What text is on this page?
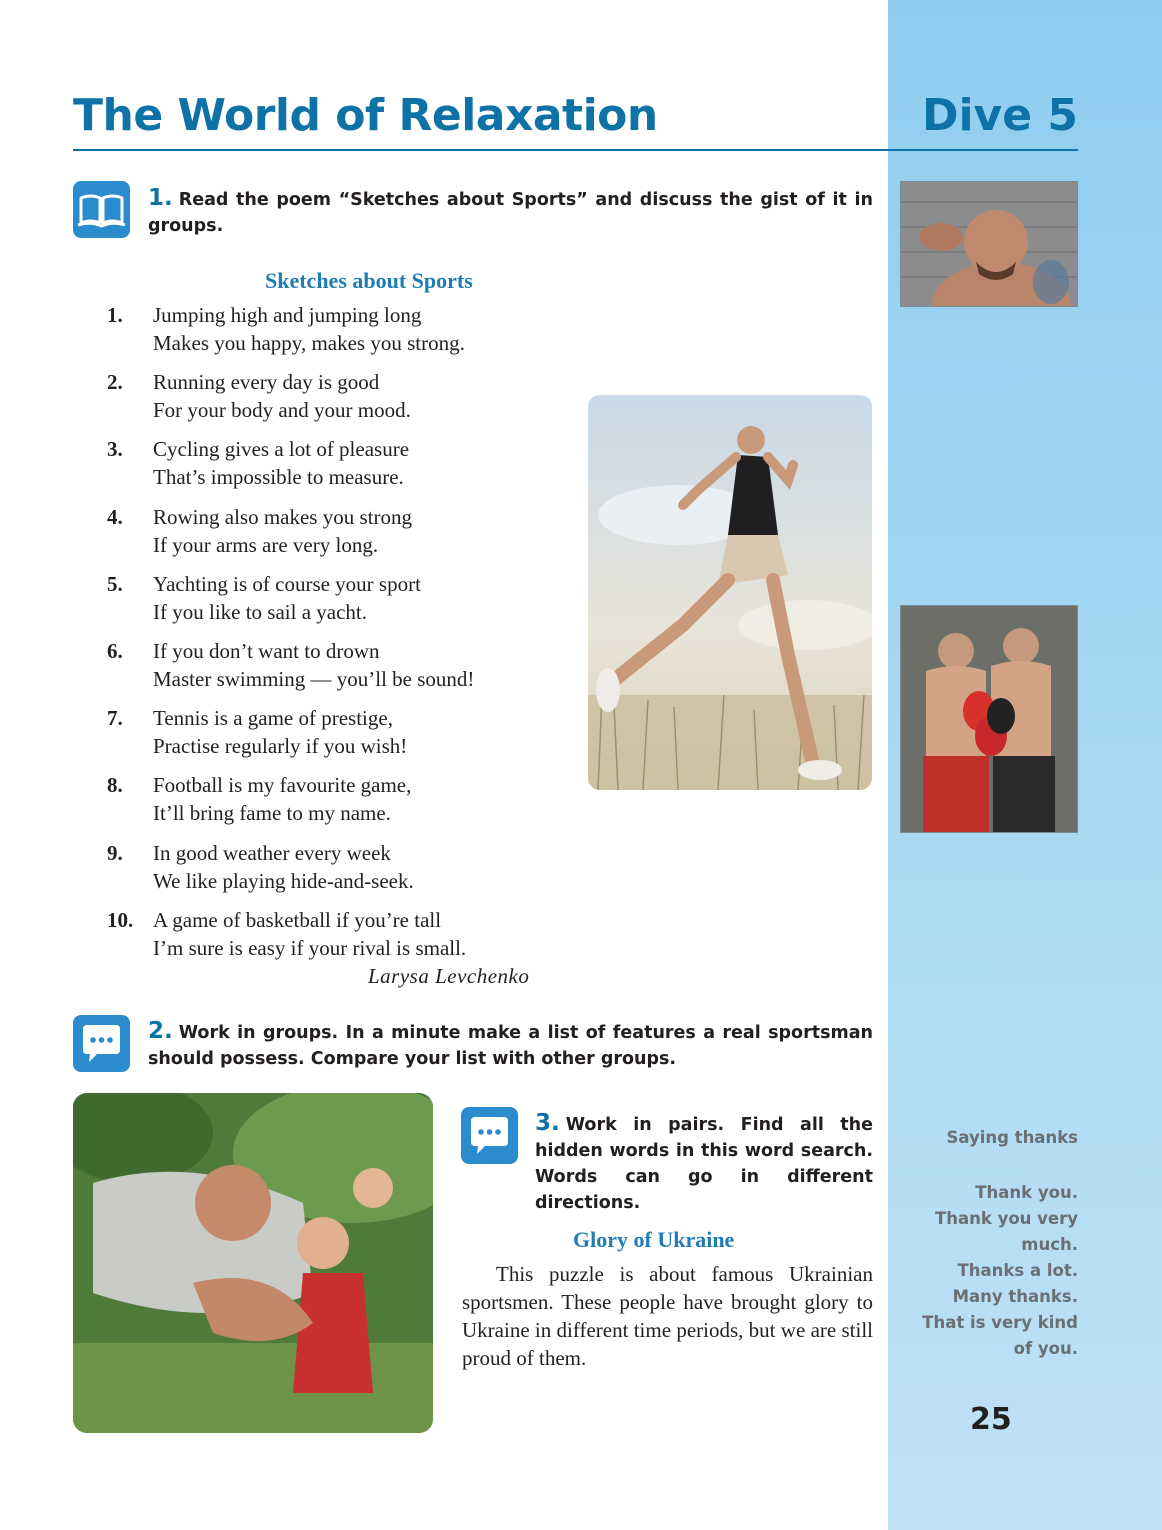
The World of Relaxation	Dive 5
1. Read the poem “Sketches about Sports” and discuss the gist of it in groups.
Sketches about Sports
1. Jumping high and jumping long
Makes you happy, makes you strong.
2. Running every day is good
For your body and your mood.
3. Cycling gives a lot of pleasure
That’s impossible to measure.
4. Rowing also makes you strong
If your arms are very long.
5. Yachting is of course your sport
If you like to sail a yacht.
6. If you don’t want to drown
Master swimming — you’ll be sound!
7. Tennis is a game of prestige,
Practise regularly if you wish!
8. Football is my favourite game,
It’ll bring fame to my name.
9. In good weather every week
We like playing hide-and-seek.
10. A game of basketball if you’re tall
I’m sure is easy if your rival is small.
Larysa Levchenko
2. Work in groups. In a minute make a list of features a real sportsman should possess. Compare your list with other groups.
3. Work in pairs. Find all the hidden words in this word search. Words can go in different directions.
Glory of Ukraine
This puzzle is about famous Ukrainian sportsmen. These people have brought glory to Ukraine in different time periods, but we are still proud of them.
Saying thanks
Thank you.
Thank you very much.
Thanks a lot.
Many thanks.
That is very kind of you.
25
